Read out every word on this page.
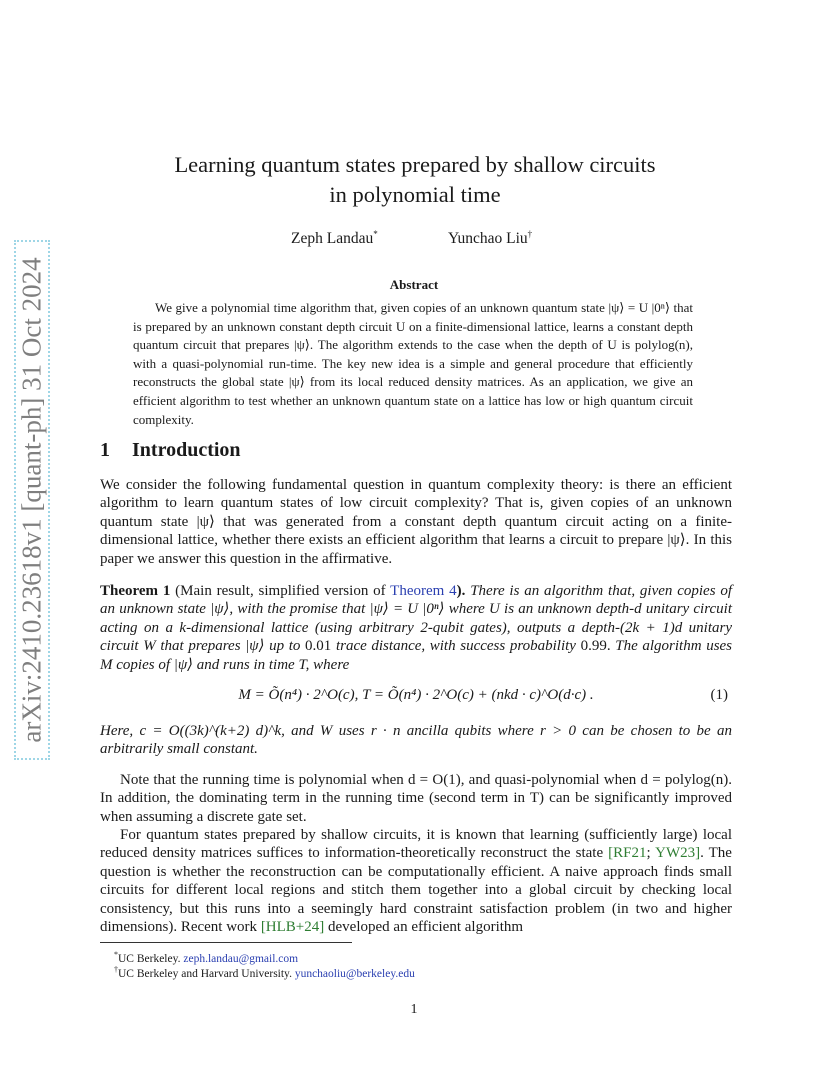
arXiv:2410.23618v1 [quant-ph] 31 Oct 2024
Learning quantum states prepared by shallow circuits
in polynomial time
Zeph Landau*	Yunchao Liu†
Abstract
We give a polynomial time algorithm that, given copies of an unknown quantum state |ψ⟩ = U |0ⁿ⟩ that is prepared by an unknown constant depth circuit U on a finite-dimensional lattice, learns a constant depth quantum circuit that prepares |ψ⟩. The algorithm extends to the case when the depth of U is polylog(n), with a quasi-polynomial run-time. The key new idea is a simple and general procedure that efficiently reconstructs the global state |ψ⟩ from its local reduced density matrices. As an application, we give an efficient algorithm to test whether an unknown quantum state on a lattice has low or high quantum circuit complexity.
1 Introduction
We consider the following fundamental question in quantum complexity theory: is there an efficient algorithm to learn quantum states of low circuit complexity? That is, given copies of an unknown quantum state |ψ⟩ that was generated from a constant depth quantum circuit acting on a finite-dimensional lattice, whether there exists an efficient algorithm that learns a circuit to prepare |ψ⟩. In this paper we answer this question in the affirmative.
Theorem 1 (Main result, simplified version of Theorem 4). There is an algorithm that, given copies of an unknown state |ψ⟩, with the promise that |ψ⟩ = U |0ⁿ⟩ where U is an unknown depth-d unitary circuit acting on a k-dimensional lattice (using arbitrary 2-qubit gates), outputs a depth-(2k + 1)d unitary circuit W that prepares |ψ⟩ up to 0.01 trace distance, with success probability 0.99. The algorithm uses M copies of |ψ⟩ and runs in time T, where
M = Õ(n⁴) · 2^O(c), T = Õ(n⁴) · 2^O(c) + (nkd · c)^O(d·c) .	(1)
Here, c = O((3k)^(k+2) d)^k, and W uses r · n ancilla qubits where r > 0 can be chosen to be an arbitrarily small constant.
Note that the running time is polynomial when d = O(1), and quasi-polynomial when d = polylog(n). In addition, the dominating term in the running time (second term in T) can be significantly improved when assuming a discrete gate set.
For quantum states prepared by shallow circuits, it is known that learning (sufficiently large) local reduced density matrices suffices to information-theoretically reconstruct the state [RF21; YW23]. The question is whether the reconstruction can be computationally efficient. A naive approach finds small circuits for different local regions and stitch them together into a global circuit by checking local consistency, but this runs into a seemingly hard constraint satisfaction problem (in two and higher dimensions). Recent work [HLB+24] developed an efficient algorithm
*UC Berkeley. zeph.landau@gmail.com
†UC Berkeley and Harvard University. yunchaoliu@berkeley.edu
1
